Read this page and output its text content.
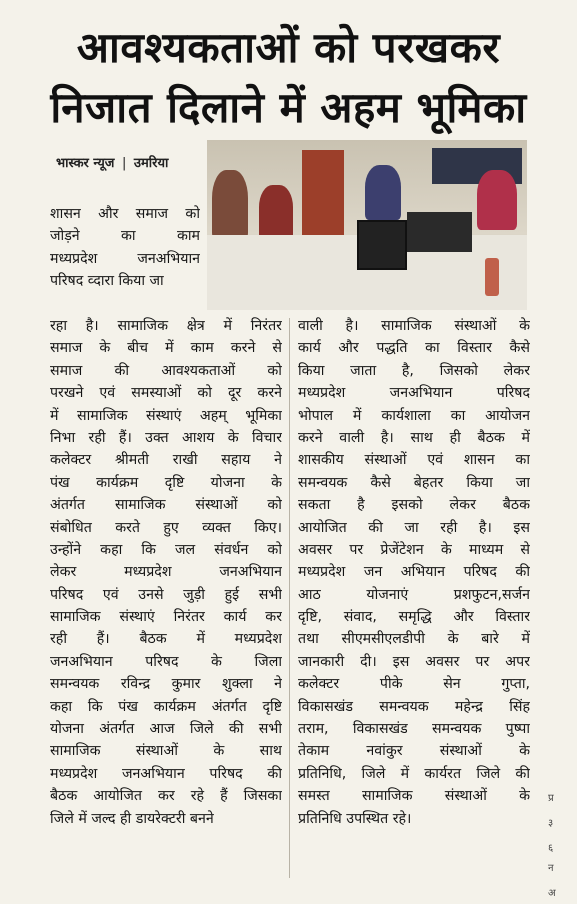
आवश्यकताओं को परखकर
निजात दिलाने में अहम भूमिका
भास्कर न्यूज | उमरिया
शासन और समाज को
जोड़ने का काम
मध्यप्रदेश जनअभियान
परिषद व्दारा किया जा
रहा है। सामाजिक क्षेत्र में निरंतर
समाज के बीच में काम करने से
समाज की आवश्यकताओं को
परखने एवं समस्याओं को दूर करने
में सामाजिक संस्थाएं अहम् भूमिका
निभा रही हैं। उक्त आशय के विचार
कलेक्टर श्रीमती राखी सहाय ने
पंख कार्यक्रम दृष्टि योजना के
अंतर्गत सामाजिक संस्थाओं को
संबोधित करते हुए व्यक्त किए।
उन्होंने कहा कि जल संवर्धन को
लेकर मध्यप्रदेश जनअभियान
परिषद एवं उनसे जुड़ी हुई सभी
सामाजिक संस्थाएं निरंतर कार्य कर
रही हैं। बैठक में मध्यप्रदेश
जनअभियान परिषद के जिला
समन्वयक रविन्द्र कुमार शुक्ला ने
कहा कि पंख कार्यक्रम अंतर्गत दृष्टि
योजना अंतर्गत आज जिले की सभी
सामाजिक संस्थाओं के साथ
मध्यप्रदेश जनअभियान परिषद की
बैठक आयोजित कर रहे हैं जिसका
जिले में जल्द ही डायरेक्टरी बनने
वाली है। सामाजिक संस्थाओं के
कार्य और पद्धति का विस्तार कैसे
किया जाता है, जिसको लेकर
मध्यप्रदेश जनअभियान परिषद
भोपाल में कार्यशाला का आयोजन
करने वाली है। साथ ही बैठक में
शासकीय संस्थाओं एवं शासन का
समन्वयक कैसे बेहतर किया जा
सकता है इसको लेकर बैठक
आयोजित की जा रही है। इस
अवसर पर प्रेजेंटेशन के माध्यम से
मध्यप्रदेश जन अभियान परिषद की
आठ योजनाएं प्रशफुटन,सर्जन
दृष्टि, संवाद, समृद्धि और विस्तार
तथा सीएमसीएलडीपी के बारे में
जानकारी दी। इस अवसर पर अपर
कलेक्टर पीके सेन गुप्ता,
विकासखंड समन्वयक महेन्द्र सिंह
तराम, विकासखंड समन्वयक पुष्पा
तेकाम नवांकुर संस्थाओं के
प्रतिनिधि, जिले में कार्यरत जिले की
समस्त सामाजिक संस्थाओं के
प्रतिनिधि उपस्थित रहे।
प्र
३
६
न
अ
